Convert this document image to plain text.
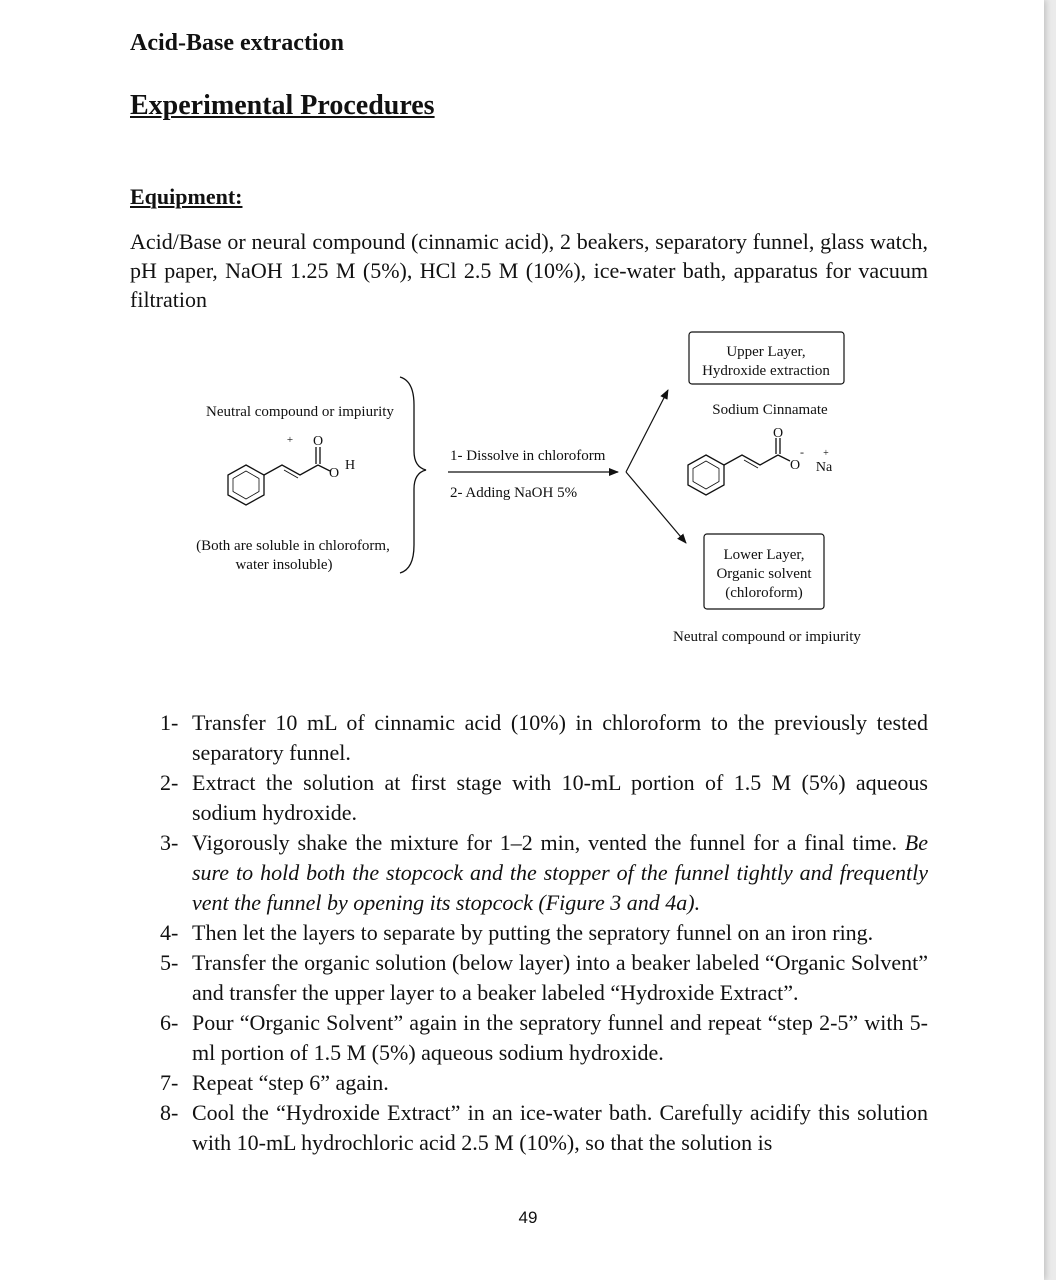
Acid-Base extraction
Experimental Procedures
Equipment:
Acid/Base or neural compound (cinnamic acid), 2 beakers, separatory funnel, glass watch, pH paper, NaOH 1.25 M (5%), HCl 2.5 M (10%), ice-water bath, apparatus for vacuum filtration
Neutral compound or impiurity
+ O
O
H
(Both are soluble in chloroform,
water insoluble)
1- Dissolve in chloroform
2- Adding NaOH 5%
Upper Layer,
Hydroxide extraction
Sodium Cinnamate
O
O
- +
Na
Lower Layer,
Organic solvent
(chloroform)
Neutral compound or impiurity
1- Transfer 10 mL of cinnamic acid (10%) in chloroform to the previously tested separatory funnel.
2- Extract the solution at first stage with 10-mL portion of 1.5 M (5%) aqueous sodium hydroxide.
3- Vigorously shake the mixture for 1–2 min, vented the funnel for a final time. Be sure to hold both the stopcock and the stopper of the funnel tightly and frequently vent the funnel by opening its stopcock (Figure 3 and 4a).
4- Then let the layers to separate by putting the sepratory funnel on an iron ring.
5- Transfer the organic solution (below layer) into a beaker labeled “Organic Solvent” and transfer the upper layer to a beaker labeled “Hydroxide Extract”.
6- Pour “Organic Solvent” again in the sepratory funnel and repeat “step 2-5” with 5-ml portion of 1.5 M (5%) aqueous sodium hydroxide.
7- Repeat “step 6” again.
8- Cool the “Hydroxide Extract” in an ice-water bath. Carefully acidify this solution with 10-mL hydrochloric acid 2.5 M (10%), so that the solution is
49
